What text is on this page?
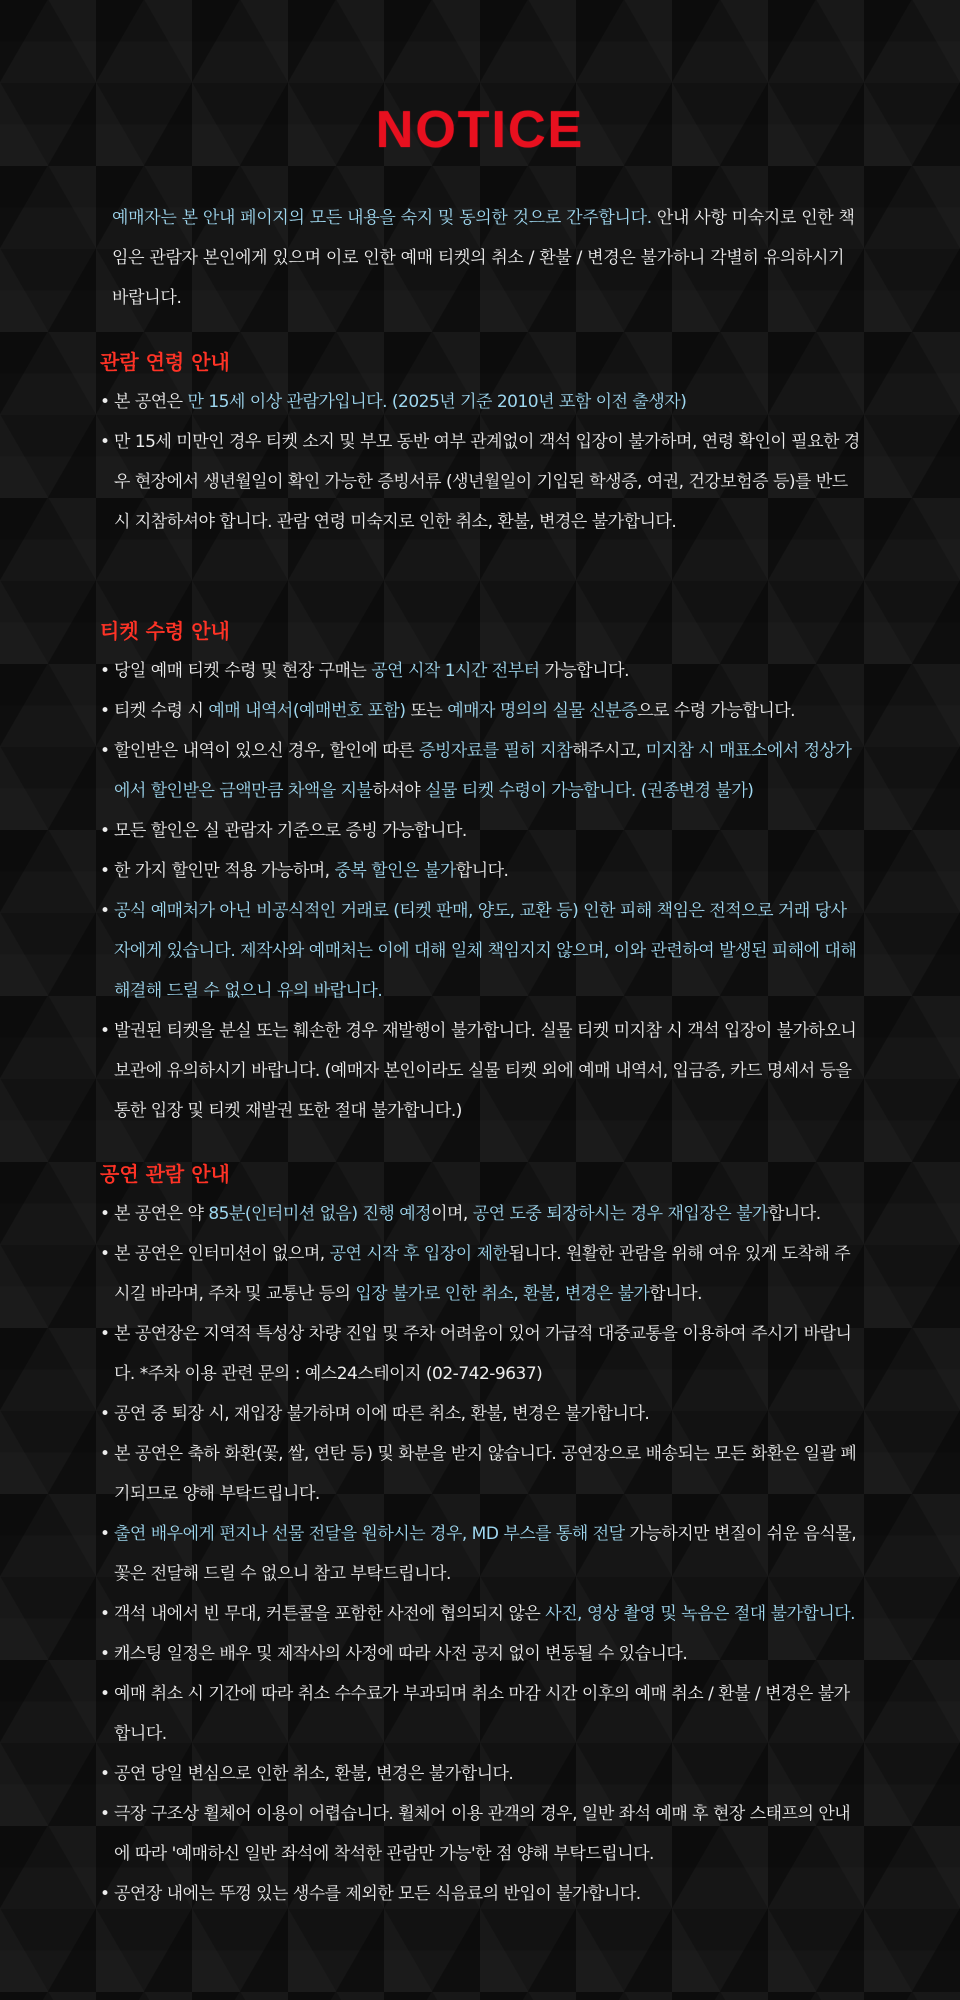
NOTICE

예매자는 본 안내 페이지의 모든 내용을 숙지 및 동의한 것으로 간주합니다. 안내 사항 미숙지로 인한 책임은 관람자 본인에게 있으며 이로 인한 예매 티켓의 취소 / 환불 / 변경은 불가하니 각별히 유의하시기 바랍니다.

관람 연령 안내
• 본 공연은 만 15세 이상 관람가입니다. (2025년 기준 2010년 포함 이전 출생자)
• 만 15세 미만인 경우 티켓 소지 및 부모 동반 여부 관계없이 객석 입장이 불가하며, 연령 확인이 필요한 경우 현장에서 생년월일이 확인 가능한 증빙서류 (생년월일이 기입된 학생증, 여권, 건강보험증 등)를 반드시 지참하셔야 합니다. 관람 연령 미숙지로 인한 취소, 환불, 변경은 불가합니다.
티켓 수령 안내
• 당일 예매 티켓 수령 및 현장 구매는 공연 시작 1시간 전부터 가능합니다.
• 티켓 수령 시 예매 내역서(예매번호 포함) 또는 예매자 명의의 실물 신분증으로 수령 가능합니다.
• 할인받은 내역이 있으신 경우, 할인에 따른 증빙자료를 필히 지참해주시고, 미지참 시 매표소에서 정상가에서 할인받은 금액만큼 차액을 지불하셔야 실물 티켓 수령이 가능합니다. (권종변경 불가)
• 모든 할인은 실 관람자 기준으로 증빙 가능합니다.
• 한 가지 할인만 적용 가능하며, 중복 할인은 불가합니다.
• 공식 예매처가 아닌 비공식적인 거래로 (티켓 판매, 양도, 교환 등) 인한 피해 책임은 전적으로 거래 당사자에게 있습니다. 제작사와 예매처는 이에 대해 일체 책임지지 않으며, 이와 관련하여 발생된 피해에 대해 해결해 드릴 수 없으니 유의 바랍니다.
• 발권된 티켓을 분실 또는 훼손한 경우 재발행이 불가합니다. 실물 티켓 미지참 시 객석 입장이 불가하오니 보관에 유의하시기 바랍니다. (예매자 본인이라도 실물 티켓 외에 예매 내역서, 입금증, 카드 명세서 등을 통한 입장 및 티켓 재발권 또한 절대 불가합니다.)
공연 관람 안내
• 본 공연은 약 85분(인터미션 없음) 진행 예정이며, 공연 도중 퇴장하시는 경우 재입장은 불가합니다.
• 본 공연은 인터미션이 없으며, 공연 시작 후 입장이 제한됩니다. 원활한 관람을 위해 여유 있게 도착해 주시길 바라며, 주차 및 교통난 등의 입장 불가로 인한 취소, 환불, 변경은 불가합니다.
• 본 공연장은 지역적 특성상 차량 진입 및 주차 어려움이 있어 가급적 대중교통을 이용하여 주시기 바랍니다. *주차 이용 관련 문의 : 예스24스테이지 (02-742-9637)
• 공연 중 퇴장 시, 재입장 불가하며 이에 따른 취소, 환불, 변경은 불가합니다.
• 본 공연은 축하 화환(꽃, 쌀, 연탄 등) 및 화분을 받지 않습니다. 공연장으로 배송되는 모든 화환은 일괄 폐기되므로 양해 부탁드립니다.
• 출연 배우에게 편지나 선물 전달을 원하시는 경우, MD 부스를 통해 전달 가능하지만 변질이 쉬운 음식물, 꽃은 전달해 드릴 수 없으니 참고 부탁드립니다.
• 객석 내에서 빈 무대, 커튼콜을 포함한 사전에 협의되지 않은 사진, 영상 촬영 및 녹음은 절대 불가합니다.
• 캐스팅 일정은 배우 및 제작사의 사정에 따라 사전 공지 없이 변동될 수 있습니다.
• 예매 취소 시 기간에 따라 취소 수수료가 부과되며 취소 마감 시간 이후의 예매 취소 / 환불 / 변경은 불가합니다.
• 공연 당일 변심으로 인한 취소, 환불, 변경은 불가합니다.
• 극장 구조상 휠체어 이용이 어렵습니다. 휠체어 이용 관객의 경우, 일반 좌석 예매 후 현장 스태프의 안내에 따라 '예매하신 일반 좌석에 착석한 관람만 가능'한 점 양해 부탁드립니다.
• 공연장 내에는 뚜껑 있는 생수를 제외한 모든 식음료의 반입이 불가합니다.
